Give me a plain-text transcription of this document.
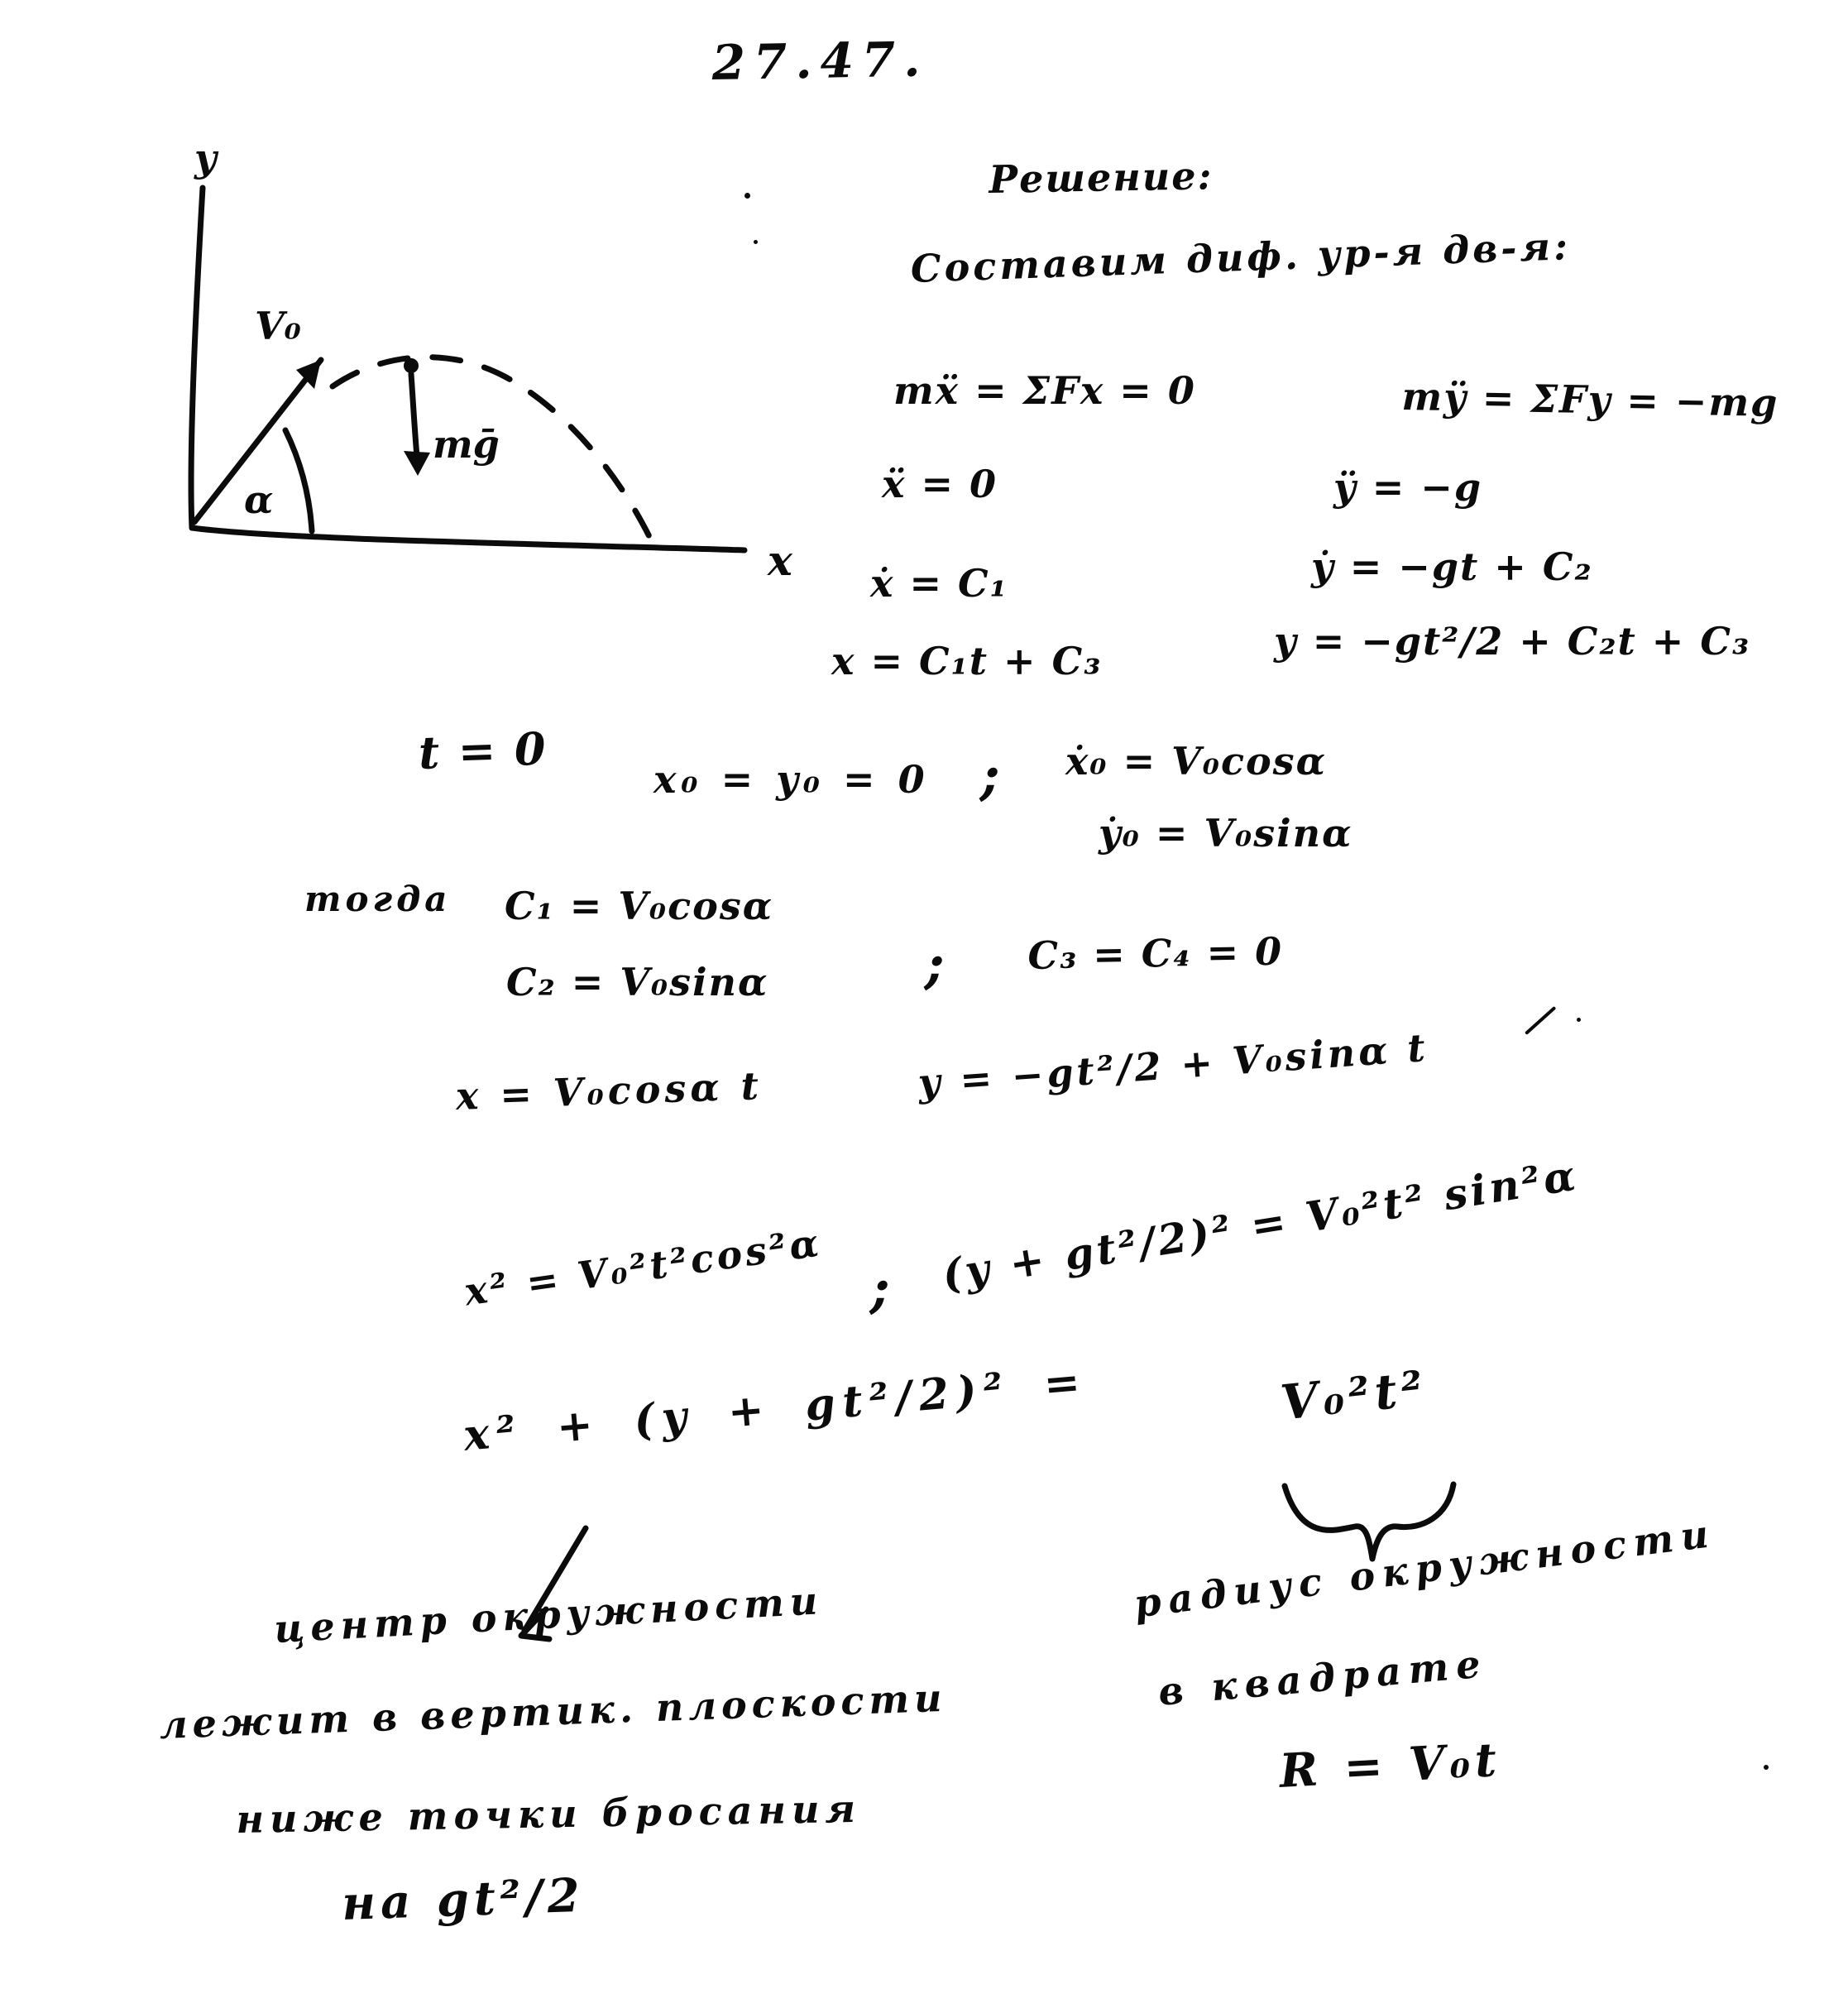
27.47.
y
x
V₀
α
mḡ
Решение:
Составим диф. ур-я дв-я:
mẍ = ΣFx = 0	mÿ = ΣFy = −mg
ẍ = 0	ÿ = −g
ẋ = C₁	ẏ = −gt + C₂
x = C₁t + C₃	y = −gt²/2 + C₂t + C₃
t = 0
x₀ = y₀ = 0 ; ẋ₀ = V₀cosα
ẏ₀ = V₀sinα
тогда C₁ = V₀cosα
C₂ = V₀sinα	; C₃ = C₄ = 0
x = V₀cosα t	y = −gt²/2 + V₀sinα t
x² = V₀²t²cos²α ; (y + gt²/2)² = V₀²t² sin²α
x² + (y + gt²/2)² =	V₀²t²
центр окружности
лежит в вертик. плоскости
ниже точки бросания
на gt²/2
радиус окружности
в квадрате
R = V₀t
